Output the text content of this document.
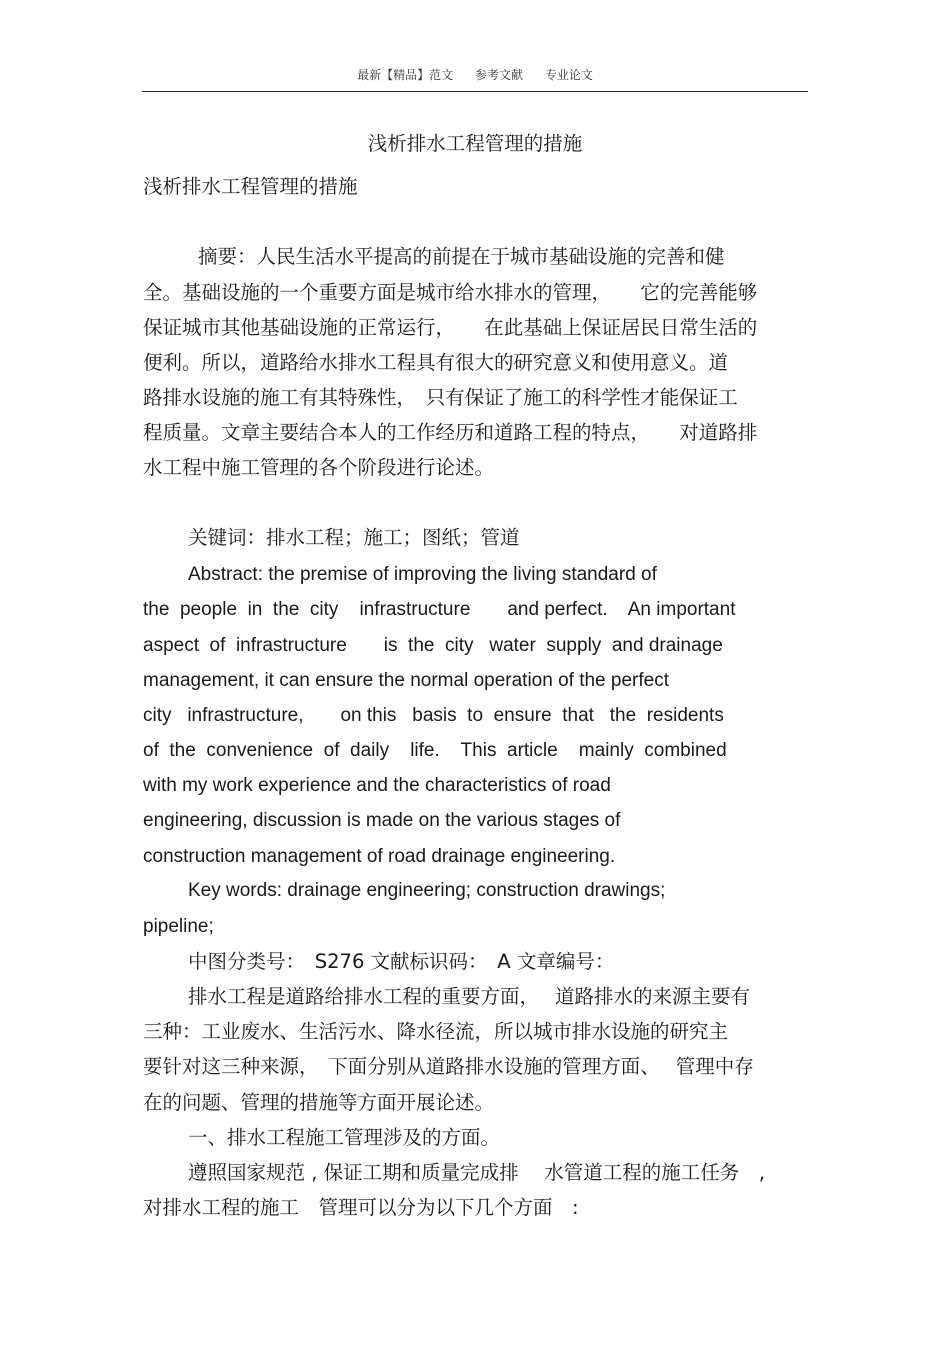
最新【精品】范文 参考文献 专业论文
浅析排水工程管理的措施
浅析排水工程管理的措施
摘要：人民生活水平提高的前提在于城市基础设施的完善和健
全。基础设施的一个重要方面是城市给水排水的管理，　　它的完善能够
保证城市其他基础设施的正常运行，　　在此基础上保证居民日常生活的
便利。所以，道路给水排水工程具有很大的研究意义和使用意义。道
路排水设施的施工有其特殊性，　只有保证了施工的科学性才能保证工
程质量。文章主要结合本人的工作经历和道路工程的特点，　　对道路排
水工程中施工管理的各个阶段进行论述。
关键词：排水工程；施工；图纸；管道
Abstract: the premise of improving the living standard of
the  people  in  the  city    infrastructure       and perfect.    An important
aspect  of  infrastructure       is  the  city   water  supply  and drainage
management, it can ensure the normal operation of the perfect
city   infrastructure,       on this   basis  to  ensure  that   the  residents
of  the  convenience  of  daily    life.    This  article    mainly  combined
with my work experience and the characteristics of road
engineering, discussion is made on the various stages of
construction management of road drainage engineering.
Key words: drainage engineering; construction drawings;
pipeline;
中图分类号：　S276 文献标识码：　A 文章编号：
排水工程是道路给排水工程的重要方面，　 道路排水的来源主要有
三种：工业废水、生活污水、降水径流，所以城市排水设施的研究主
要针对这三种来源，　下面分别从道路排水设施的管理方面、　 管理中存
在的问题、管理的措施等方面开展论述。
一、排水工程施工管理涉及的方面。
遵照国家规范 , 保证工期和质量完成排　 水管道工程的施工任务　,
对排水工程的施工　管理可以分为以下几个方面　:
